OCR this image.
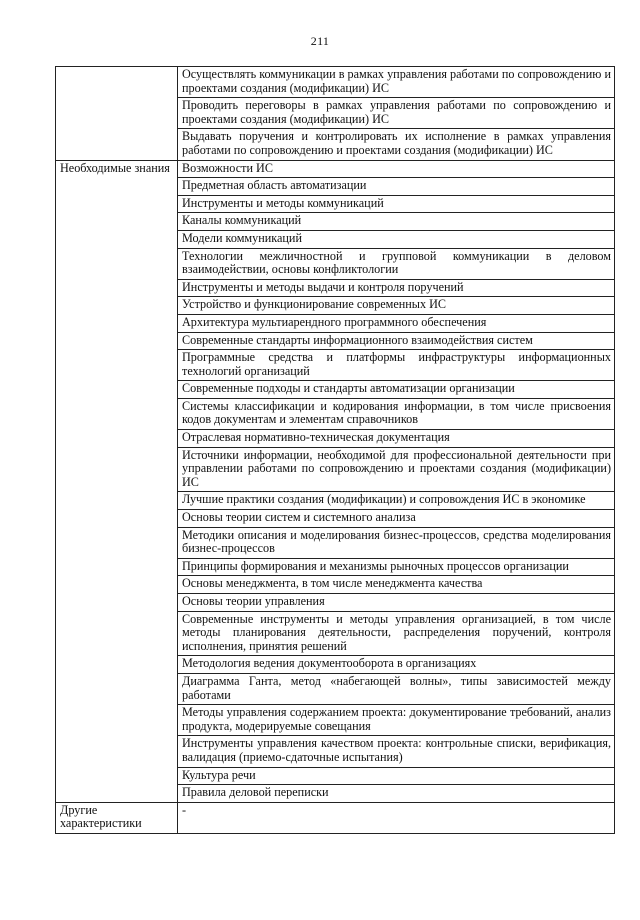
211
	Осуществлять коммуникации в рамках управления работами по сопровождению и проектами создания (модификации) ИС
	Проводить переговоры в рамках управления работами по сопровождению и проектами создания (модификации) ИС
	Выдавать поручения и контролировать их исполнение в рамках управления работами по сопровождению и проектами создания (модификации) ИС
Необходимые знания	Возможности ИС
	Предметная область автоматизации
	Инструменты и методы коммуникаций
	Каналы коммуникаций
	Модели коммуникаций
	Технологии межличностной и групповой коммуникации в деловом взаимодействии, основы конфликтологии
	Инструменты и методы выдачи и контроля поручений
	Устройство и функционирование современных ИС
	Архитектура мультиарендного программного обеспечения
	Современные стандарты информационного взаимодействия систем
	Программные средства и платформы инфраструктуры информационных технологий организаций
	Современные подходы и стандарты автоматизации организации
	Системы классификации и кодирования информации, в том числе присвоения кодов документам и элементам справочников
	Отраслевая нормативно-техническая документация
	Источники информации, необходимой для профессиональной деятельности при управлении работами по сопровождению и проектами создания (модификации) ИС
	Лучшие практики создания (модификации) и сопровождения ИС в экономике
	Основы теории систем и системного анализа
	Методики описания и моделирования бизнес-процессов, средства моделирования бизнес-процессов
	Принципы формирования и механизмы рыночных процессов организации
	Основы менеджмента, в том числе менеджмента качества
	Основы теории управления
	Современные инструменты и методы управления организацией, в том числе методы планирования деятельности, распределения поручений, контроля исполнения, принятия решений
	Методология ведения документооборота в организациях
	Диаграмма Ганта, метод «набегающей волны», типы зависимостей между работами
	Методы управления содержанием проекта: документирование требований, анализ продукта, модерируемые совещания
	Инструменты управления качеством проекта: контрольные списки, верификация, валидация (приемо-сдаточные испытания)
	Культура речи
	Правила деловой переписки
Другие характеристики	-
